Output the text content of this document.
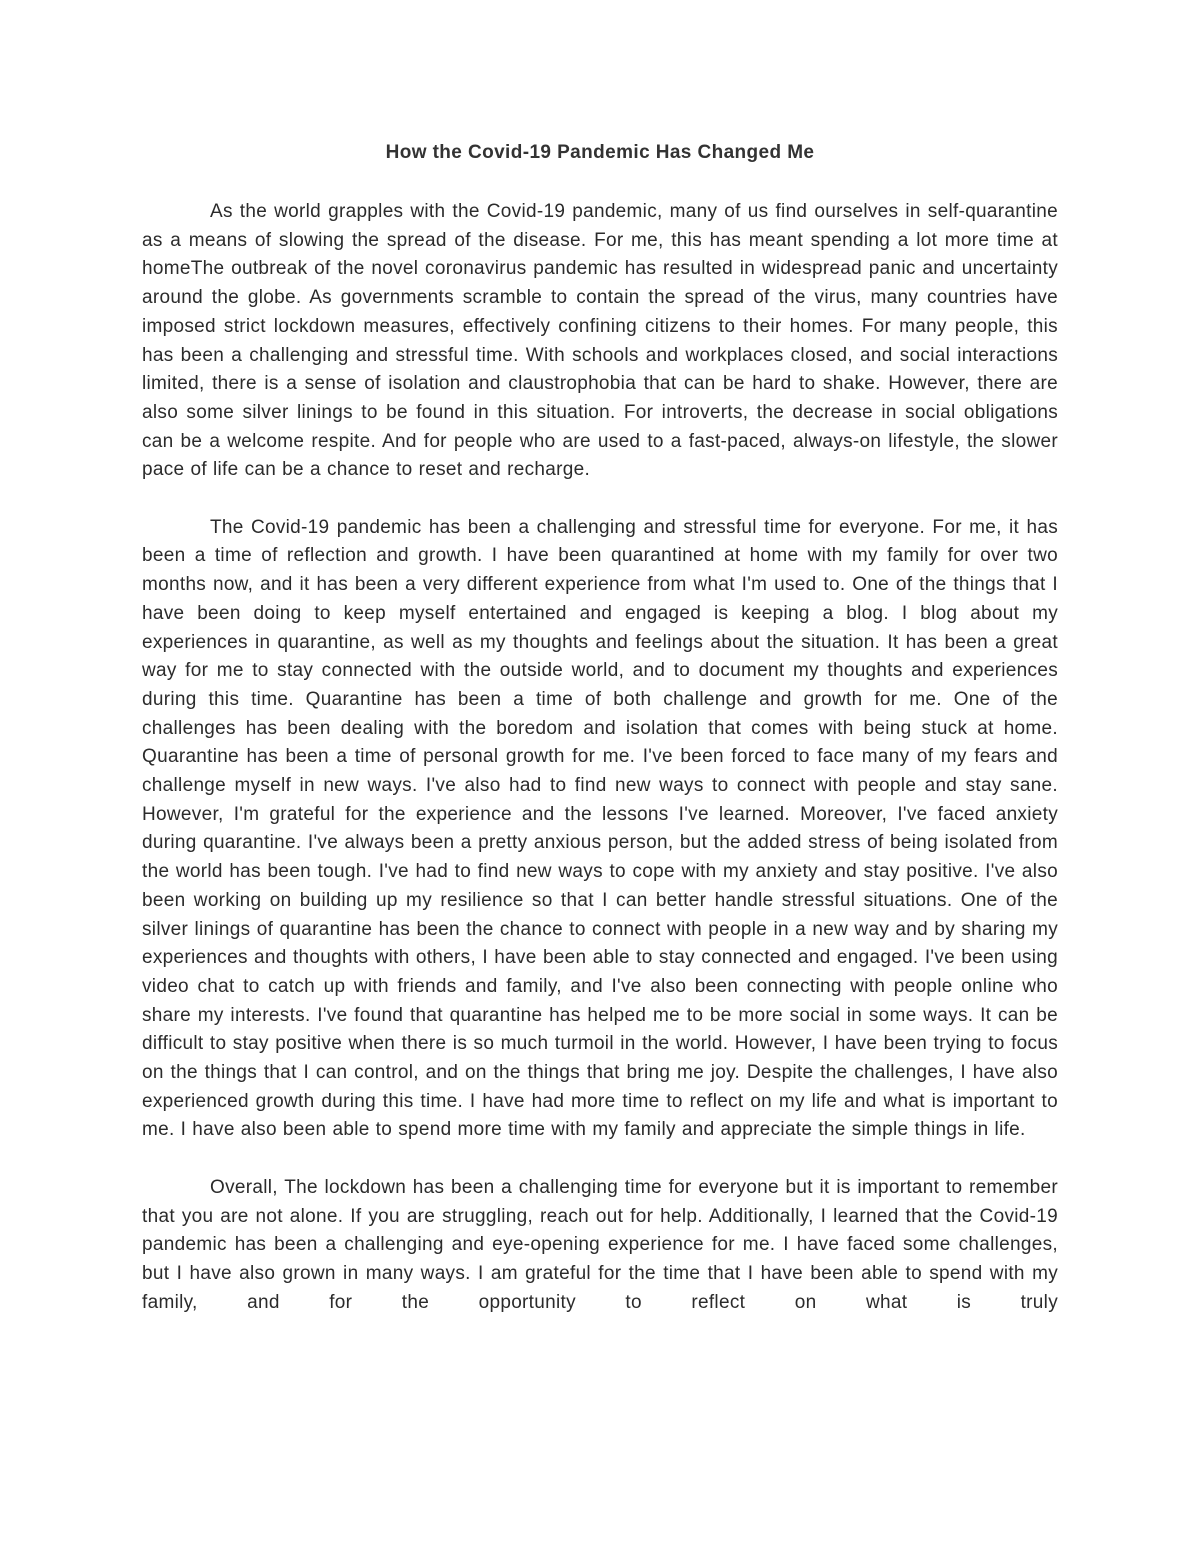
How the Covid-19 Pandemic Has Changed Me

As the world grapples with the Covid-19 pandemic, many of us find ourselves in self-quarantine as a means of slowing the spread of the disease. For me, this has meant spending a lot more time at homeThe outbreak of the novel coronavirus pandemic has resulted in widespread panic and uncertainty around the globe. As governments scramble to contain the spread of the virus, many countries have imposed strict lockdown measures, effectively confining citizens to their homes. For many people, this has been a challenging and stressful time. With schools and workplaces closed, and social interactions limited, there is a sense of isolation and claustrophobia that can be hard to shake. However, there are also some silver linings to be found in this situation. For introverts, the decrease in social obligations can be a welcome respite. And for people who are used to a fast-paced, always-on lifestyle, the slower pace of life can be a chance to reset and recharge.

The Covid-19 pandemic has been a challenging and stressful time for everyone. For me, it has been a time of reflection and growth. I have been quarantined at home with my family for over two months now, and it has been a very different experience from what I'm used to. One of the things that I have been doing to keep myself entertained and engaged is keeping a blog. I blog about my experiences in quarantine, as well as my thoughts and feelings about the situation. It has been a great way for me to stay connected with the outside world, and to document my thoughts and experiences during this time. Quarantine has been a time of both challenge and growth for me. One of the challenges has been dealing with the boredom and isolation that comes with being stuck at home. Quarantine has been a time of personal growth for me. I've been forced to face many of my fears and challenge myself in new ways. I've also had to find new ways to connect with people and stay sane. However, I'm grateful for the experience and the lessons I've learned. Moreover, I've faced anxiety during quarantine. I've always been a pretty anxious person, but the added stress of being isolated from the world has been tough. I've had to find new ways to cope with my anxiety and stay positive. I've also been working on building up my resilience so that I can better handle stressful situations. One of the silver linings of quarantine has been the chance to connect with people in a new way and by sharing my experiences and thoughts with others, I have been able to stay connected and engaged. I've been using video chat to catch up with friends and family, and I've also been connecting with people online who share my interests. I've found that quarantine has helped me to be more social in some ways. It can be difficult to stay positive when there is so much turmoil in the world. However, I have been trying to focus on the things that I can control, and on the things that bring me joy. Despite the challenges, I have also experienced growth during this time. I have had more time to reflect on my life and what is important to me. I have also been able to spend more time with my family and appreciate the simple things in life.

Overall, The lockdown has been a challenging time for everyone but it is important to remember that you are not alone. If you are struggling, reach out for help. Additionally, I learned that the Covid-19 pandemic has been a challenging and eye-opening experience for me. I have faced some challenges, but I have also grown in many ways. I am grateful for the time that I have been able to spend with my family, and for the opportunity to reflect on what is truly
